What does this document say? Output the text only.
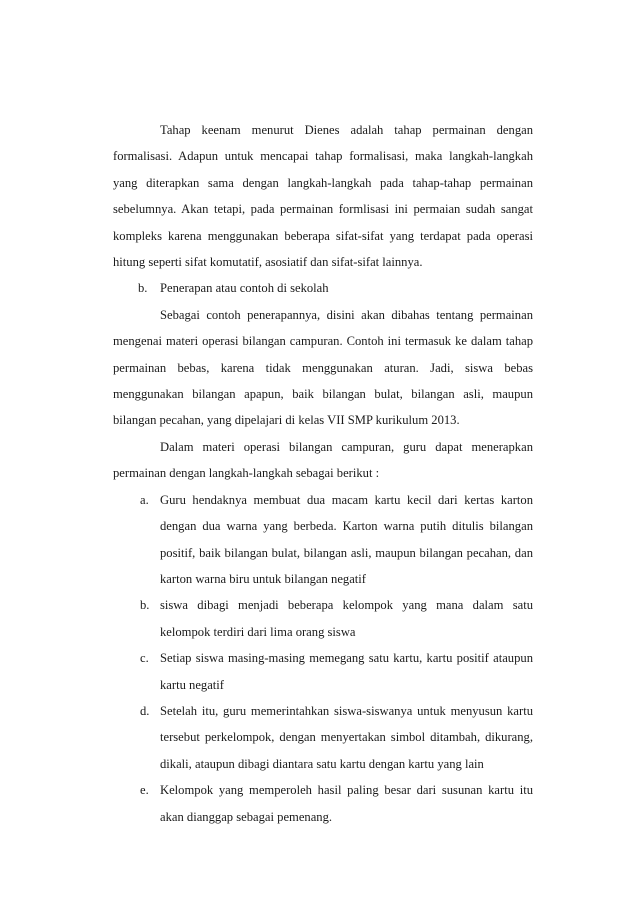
Tahap keenam menurut Dienes adalah tahap permainan dengan formalisasi. Adapun untuk mencapai tahap formalisasi, maka langkah-langkah yang diterapkan sama dengan langkah-langkah pada tahap-tahap permainan sebelumnya. Akan tetapi, pada permainan formlisasi ini permaian sudah sangat kompleks karena menggunakan beberapa sifat-sifat yang terdapat pada operasi hitung seperti sifat komutatif, asosiatif dan sifat-sifat lainnya.

b. Penerapan atau contoh di sekolah

Sebagai contoh penerapannya, disini akan dibahas tentang permainan mengenai materi operasi bilangan campuran. Contoh ini termasuk ke dalam tahap permainan bebas, karena tidak menggunakan aturan. Jadi, siswa bebas menggunakan bilangan apapun, baik bilangan bulat, bilangan asli, maupun bilangan pecahan, yang dipelajari di kelas VII SMP kurikulum 2013.

Dalam materi operasi bilangan campuran, guru dapat menerapkan permainan dengan langkah-langkah sebagai berikut :

a. Guru hendaknya membuat dua macam kartu kecil dari kertas karton dengan dua warna yang berbeda. Karton warna putih ditulis bilangan positif, baik bilangan bulat, bilangan asli, maupun bilangan pecahan, dan karton warna biru untuk bilangan negatif
b. siswa dibagi menjadi beberapa kelompok yang mana dalam satu kelompok terdiri dari lima orang siswa
c. Setiap siswa masing-masing memegang satu kartu, kartu positif ataupun kartu negatif
d. Setelah itu, guru memerintahkan siswa-siswanya untuk menyusun kartu tersebut perkelompok, dengan menyertakan simbol ditambah, dikurang, dikali, ataupun dibagi diantara satu kartu dengan kartu yang lain
e. Kelompok yang memperoleh hasil paling besar dari susunan kartu itu akan dianggap sebagai pemenang.
